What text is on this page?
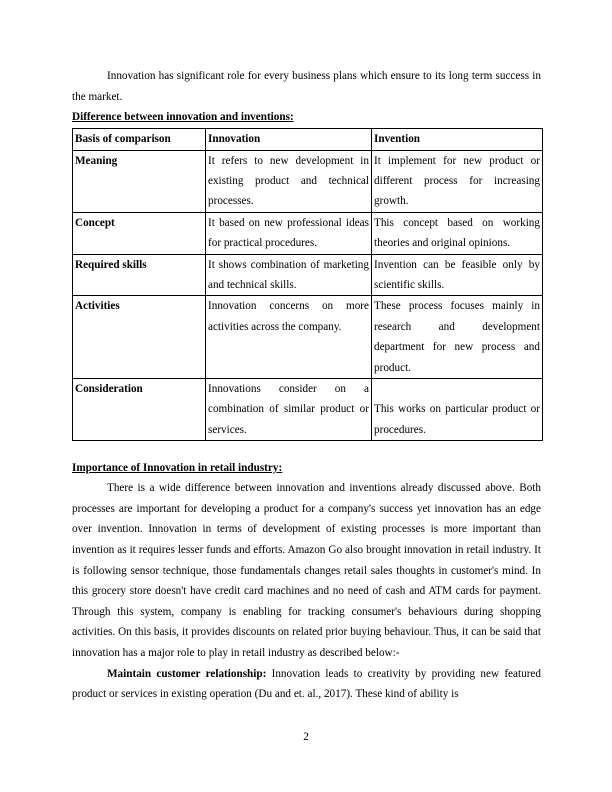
Innovation has significant role for every business plans which ensure to its long term success in the market.

Difference between innovation and inventions:

Basis of comparison	Innovation	Invention
Meaning	It refers to new development in existing product and technical processes.	It implement for new product or different process for increasing growth.
Concept	It based on new professional ideas for practical procedures.	This concept based on working theories and original opinions.
Required skills	It shows combination of marketing and technical skills.	Invention can be feasible only by scientific skills.
Activities	Innovation concerns on more activities across the company.	These process focuses mainly in research and development department for new process and product.
Consideration	Innovations consider on a combination of similar product or services.	This works on particular product or procedures.

Importance of Innovation in retail industry:

There is a wide difference between innovation and inventions already discussed above. Both processes are important for developing a product for a company's success yet innovation has an edge over invention. Innovation in terms of development of existing processes is more important than invention as it requires lesser funds and efforts. Amazon Go also brought innovation in retail industry. It is following sensor technique, those fundamentals changes retail sales thoughts in customer's mind. In this grocery store doesn't have credit card machines and no need of cash and ATM cards for payment. Through this system, company is enabling for tracking consumer's behaviours during shopping activities. On this basis, it provides discounts on related prior buying behaviour. Thus, it can be said that innovation has a major role to play in retail industry as described below:-

Maintain customer relationship: Innovation leads to creativity by providing new featured product or services in existing operation (Du and et. al., 2017). These kind of ability is

2
